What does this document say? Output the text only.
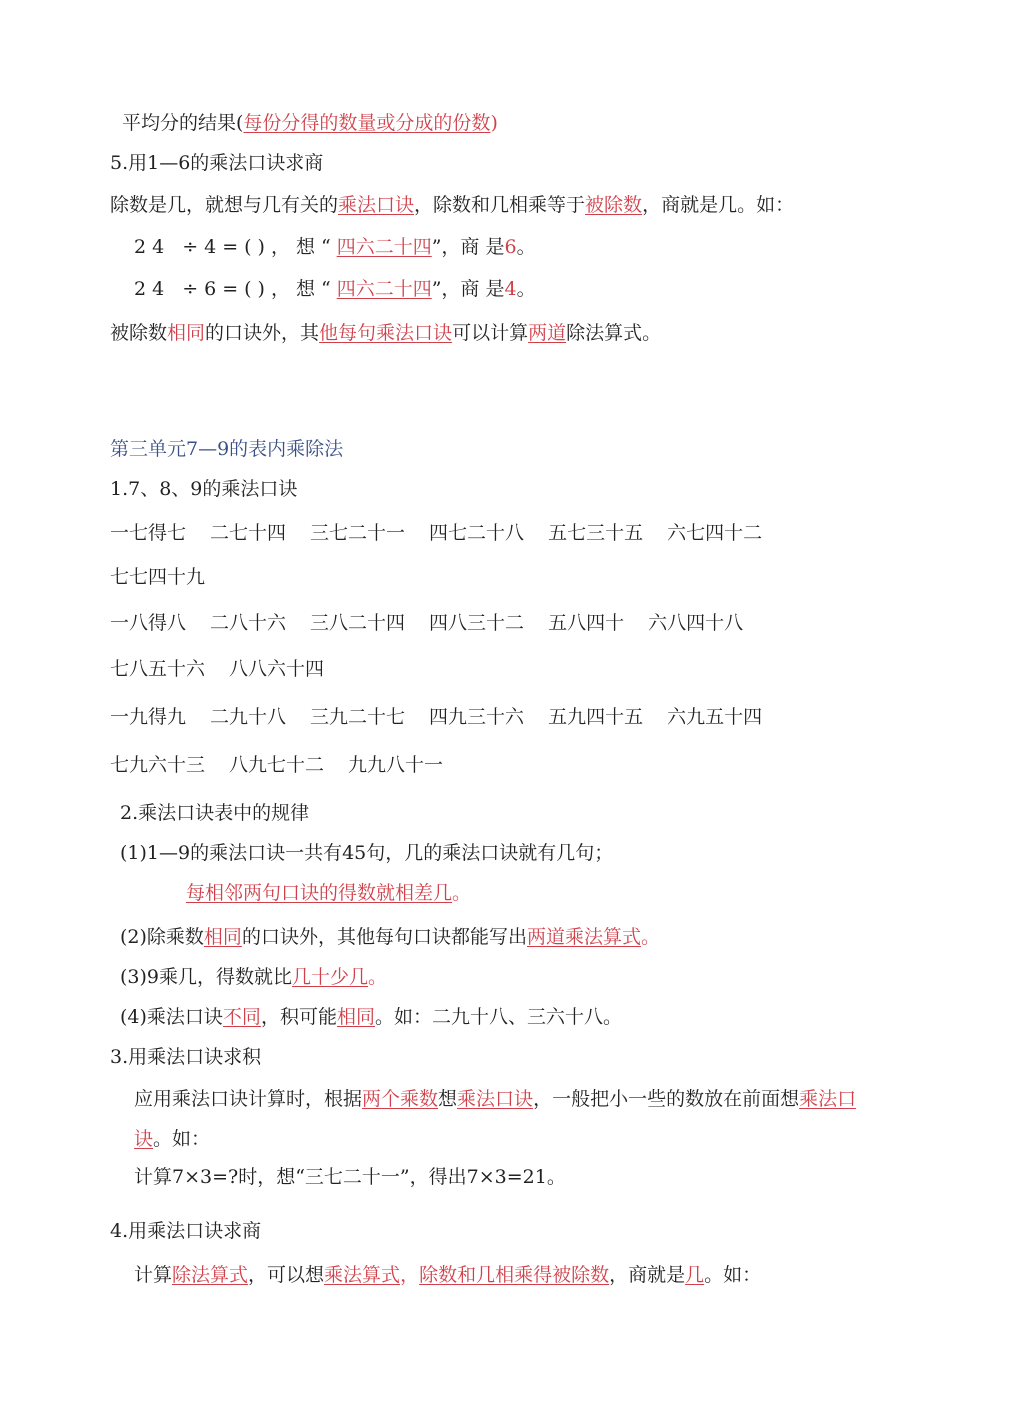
平均分的结果(每份分得的数量或分成的份数)
5.用1—6的乘法口诀求商
除数是几，就想与几有关的乘法口诀，除数和几相乘等于被除数，商就是几。如：
24 ÷4=()，想“四六二十四”，商 是6。
24 ÷6=()，想“四六二十四”，商 是4。
被除数相同的口诀外，其他每句乘法口诀可以计算两道除法算式。
第三单元7—9的表内乘除法
1.7、8、9的乘法口诀
一七得七 二七十四 三七二十一 四七二十八 五七三十五 六七四十二
七七四十九
一八得八 二八十六 三八二十四 四八三十二 五八四十 六八四十八
七八五十六 八八六十四
一九得九 二九十八 三九二十七 四九三十六 五九四十五 六九五十四
七九六十三 八九七十二 九九八十一
2.乘法口诀表中的规律
(1)1—9的乘法口诀一共有45句，几的乘法口诀就有几句；
每相邻两句口诀的得数就相差几。
(2)除乘数相同的口诀外，其他每句口诀都能写出两道乘法算式。
(3)9乘几，得数就比几十少几。
(4)乘法口诀不同，积可能相同。如：二九十八、三六十八。
3.用乘法口诀求积
应用乘法口诀计算时，根据两个乘数想乘法口诀，一般把小一些的数放在前面想乘法口
诀。如：
计算7×3=?时，想“三七二十一”，得出7×3=21。
4.用乘法口诀求商
计算除法算式，可以想乘法算式，除数和几相乘得被除数，商就是几。如：
